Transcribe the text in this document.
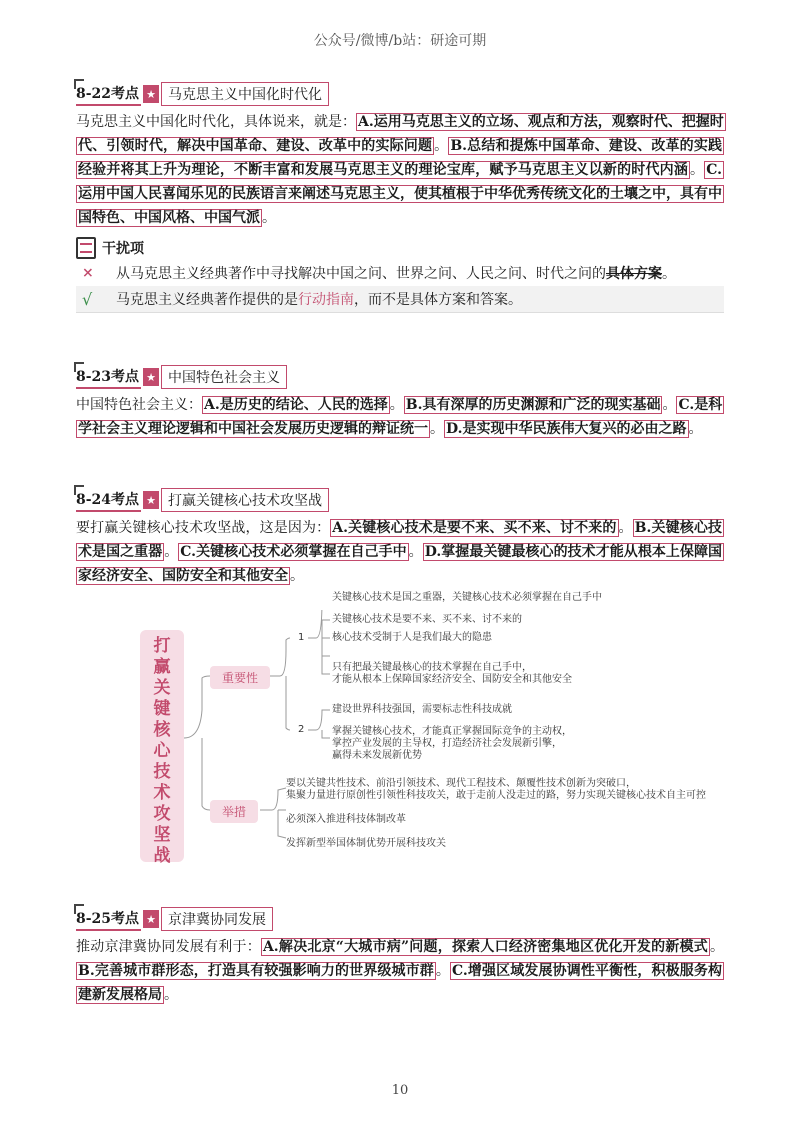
公众号/微博/b站：研途可期
8-22考点 ★ 马克思主义中国化时代化
马克思主义中国化时代化，具体说来，就是： A.运用马克思主义的立场、观点和方法，观察时代、把握时代、引领时代，解决中国革命、建设、改革中的实际问题 。 B.总结和提炼中国革命、建设、改革的实践经验并将其上升为理论，不断丰富和发展马克思主义的理论宝库，赋予马克思主义以新的时代内涵 。 C.运用中国人民喜闻乐见的民族语言来阐述马克思主义，使其植根于中华优秀传统文化的土壤之中，具有中国特色、中国风格、中国气派 。
干扰项
×	从马克思主义经典著作中寻找解决中国之问、世界之问、人民之问、时代之问的具体方案。
√	马克思主义经典著作提供的是行动指南，而不是具体方案和答案。
8-23考点 ★ 中国特色社会主义
中国特色社会主义： A.是历史的结论、人民的选择 。 B.具有深厚的历史渊源和广泛的现实基础 。 C.是科学社会主义理论逻辑和中国社会发展历史逻辑的辩证统一 。 D.是实现中华民族伟大复兴的必由之路 。
8-24考点 ★ 打赢关键核心技术攻坚战
要打赢关键核心技术攻坚战，这是因为： A.关键核心技术是要不来、买不来、讨不来的 。 B.关键核心技术是国之重器 。 C.关键核心技术必须掌握在自己手中 。 D.掌握最关键最核心的技术才能从根本上保障国家经济安全、国防安全和其他安全 。
打
赢
关
键
核
心
技
术
攻
坚
战
重要性
举措
1
2
关键核心技术是国之重器，关键核心技术必须掌握在自己手中
关键核心技术是要不来、买不来、讨不来的
核心技术受制于人是我们最大的隐患
只有把最关键最核心的技术掌握在自己手中，
才能从根本上保障国家经济安全、国防安全和其他安全
建设世界科技强国，需要标志性科技成就
掌握关键核心技术，才能真正掌握国际竞争的主动权，
掌控产业发展的主导权，打造经济社会发展新引擎，
赢得未来发展新优势
要以关键共性技术、前沿引领技术、现代工程技术、颠覆性技术创新为突破口，
集聚力量进行原创性引领性科技攻关，敢于走前人没走过的路，努力实现关键核心技术自主可控
必须深入推进科技体制改革
发挥新型举国体制优势开展科技攻关
8-25考点 ★ 京津冀协同发展
推动京津冀协同发展有利于： A.解决北京“大城市病”问题，探索人口经济密集地区优化开发的新模式 。B.完善城市群形态，打造具有较强影响力的世界级城市群 。 C.增强区域发展协调性平衡性，积极服务构建新发展格局 。
10
